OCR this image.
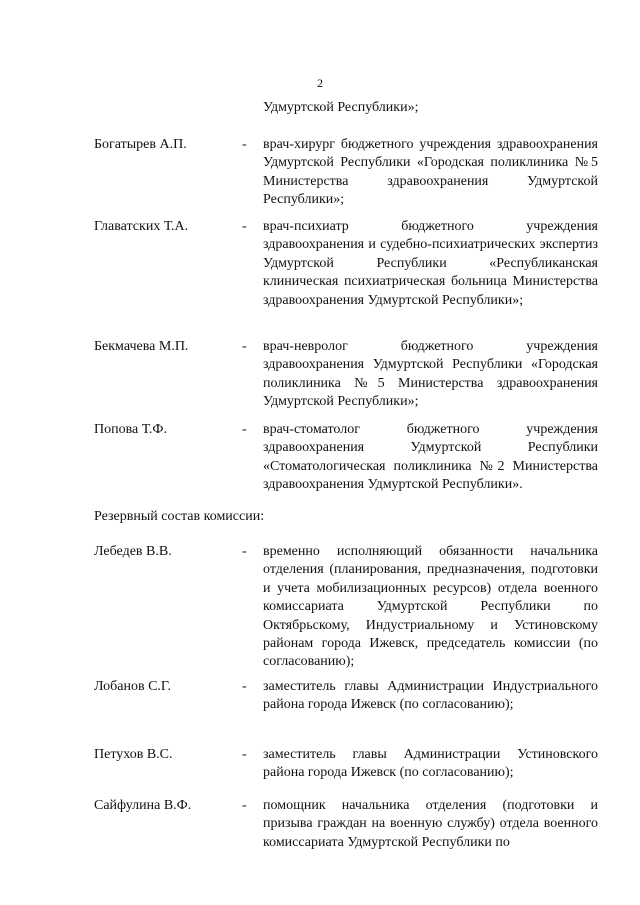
2
Удмуртской Республики»;
Богатырев А.П.	- врач-хирург бюджетного учреждения здравоохранения Удмуртской Республики «Городская поликлиника №5 Министерства здравоохранения Удмуртской Республики»;
Главатских Т.А.	- врач-психиатр бюджетного учреждения здравоохранения и судебно-психиатрических экспертиз Удмуртской Республики «Республиканская клиническая психиатрическая больница Министерства здравоохранения Удмуртской Республики»;
Бекмачева М.П.	- врач-невролог бюджетного учреждения здравоохранения Удмуртской Республики «Городская поликлиника №5 Министерства здравоохранения Удмуртской Республики»;
Попова Т.Ф.	- врач-стоматолог бюджетного учреждения здравоохранения Удмуртской Республики «Стоматологическая поликлиника №2 Министерства здравоохранения Удмуртской Республики».
Резервный состав комиссии:
Лебедев В.В.	- временно исполняющий обязанности начальника отделения (планирования, предназначения, подготовки и учета мобилизационных ресурсов) отдела военного комиссариата Удмуртской Республики по Октябрьскому, Индустриальному и Устиновскому районам города Ижевск, председатель комиссии (по согласованию);
Лобанов С.Г.	- заместитель главы Администрации Индустриального района города Ижевск (по согласованию);
Петухов В.С.	- заместитель главы Администрации Устиновского района города Ижевск (по согласованию);
Сайфулина В.Ф.	- помощник начальника отделения (подготовки и призыва граждан на военную службу) отдела военного комиссариата Удмуртской Республики по
